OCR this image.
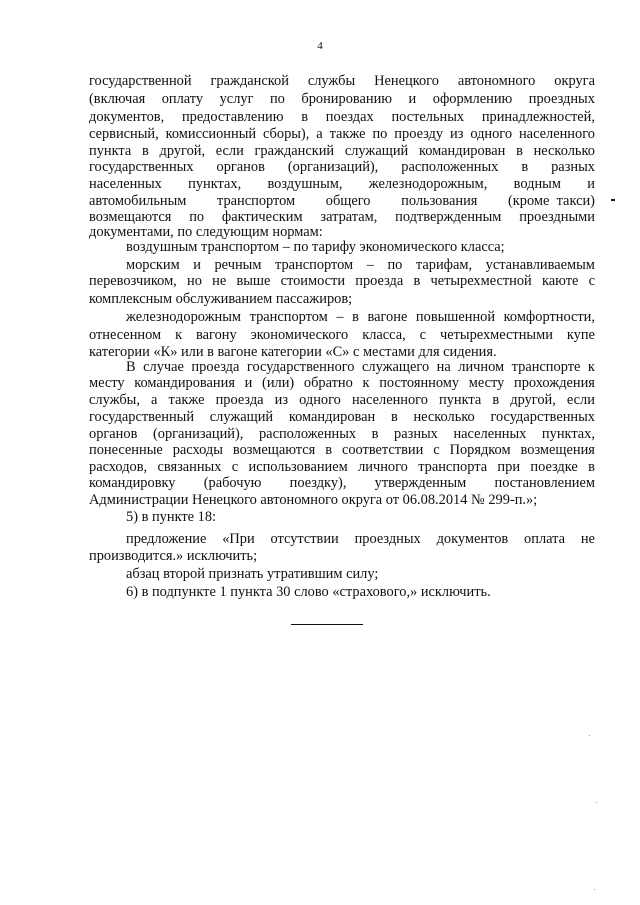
4
государственной гражданской службы Ненецкого автономного округа
(включая оплату услуг по бронированию и оформлению проездных
документов, предоставлению в поездах постельных принадлежностей,
сервисный, комиссионный сборы), а также по проезду из одного населенного
пункта в другой, если гражданский служащий командирован в несколько
государственных органов (организаций), расположенных в разных
населенных пунктах, воздушным, железнодорожным, водным и
автомобильным транспортом общего пользования (кроме  такси)
возмещаются по фактическим затратам, подтвержденным проездными
документами, по следующим нормам:
воздушным транспортом – по тарифу экономического класса;
морским и речным транспортом – по тарифам, устанавливаемым
перевозчиком, но не выше стоимости проезда в четырехместной каюте с
комплексным обслуживанием пассажиров;
железнодорожным транспортом – в вагоне повышенной комфортности,
отнесенном к вагону экономического класса, с четырехместными купе
категории «К» или в вагоне категории «С» с местами для сидения.
В случае проезда государственного служащего на личном транспорте к
месту командирования и (или) обратно к постоянному месту прохождения
службы, а также проезда из одного населенного пункта в другой, если
государственный служащий командирован в несколько государственных
органов (организаций), расположенных в разных населенных пунктах,
понесенные расходы возмещаются в соответствии с Порядком возмещения
расходов, связанных с использованием личного транспорта при поездке в
командировку (рабочую поездку), утвержденным постановлением
Администрации Ненецкого автономного округа от 06.08.2014 № 299-п.»;
5) в пункте 18:
предложение «При отсутствии проездных документов оплата не
производится.» исключить;
абзац второй признать утратившим силу;
6) в подпункте 1 пункта 30 слово «страхового,» исключить.
